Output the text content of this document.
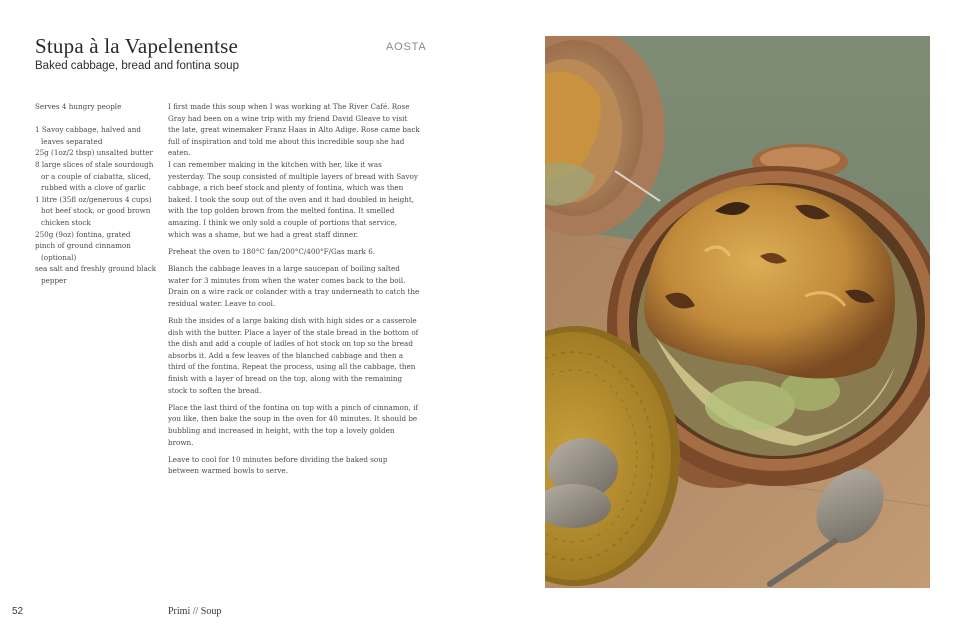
Stupa à la Vapelenentse	AOSTA
Baked cabbage, bread and fontina soup
Serves 4 hungry people
1 Savoy cabbage, halved and leaves separated
25g (1oz/2 tbsp) unsalted butter
8 large slices of stale sourdough or a couple of ciabatta, sliced, rubbed with a clove of garlic
1 litre (35fl oz/generous 4 cups) hot beef stock, or good brown chicken stock
250g (9oz) fontina, grated
pinch of ground cinnamon (optional)
sea salt and freshly ground black pepper

I first made this soup when I was working at The River Café. Rose Gray had been on a wine trip with my friend David Gleave to visit the late, great winemaker Franz Haas in Alto Adige. Rose came back full of inspiration and told me about this incredible soup she had eaten.

I can remember making in the kitchen with her, like it was yesterday. The soup consisted of multiple layers of bread with Savoy cabbage, a rich beef stock and plenty of fontina, which was then baked. I took the soup out of the oven and it had doubled in height, with the top golden brown from the melted fontina. It smelled amazing. I think we only sold a couple of portions that service, which was a shame, but we had a great staff dinner.

Preheat the oven to 180°C fan/200°C/400°F/Gas mark 6.

Blanch the cabbage leaves in a large saucepan of boiling salted water for 3 minutes from when the water comes back to the boil. Drain on a wire rack or colander with a tray underneath to catch the residual water. Leave to cool.

Rub the insides of a large baking dish with high sides or a casserole dish with the butter. Place a layer of the stale bread in the bottom of the dish and add a couple of ladles of hot stock on top so the bread absorbs it. Add a few leaves of the blanched cabbage and then a third of the fontina. Repeat the process, using all the cabbage, then finish with a layer of bread on the top, along with the remaining stock to soften the bread.

Place the last third of the fontina on top with a pinch of cinnamon, if you like, then bake the soup in the oven for 40 minutes. It should be bubbling and increased in height, with the top a lovely golden brown.

Leave to cool for 10 minutes before dividing the baked soup between warmed bowls to serve.

52	Primi // Soup
